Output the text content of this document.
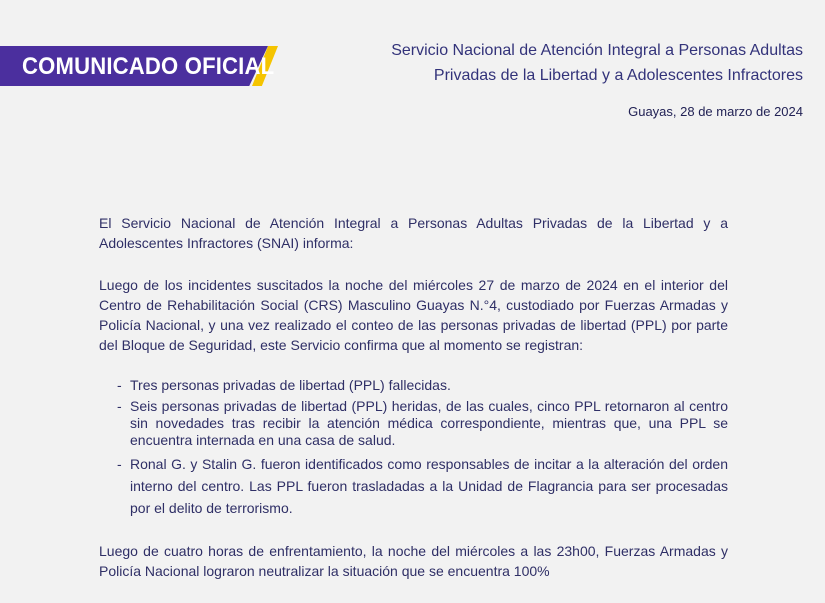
COMUNICADO OFICIAL
Servicio Nacional de Atención Integral a Personas Adultas
Privadas de la Libertad y a Adolescentes Infractores
Guayas, 28 de marzo de 2024

El Servicio Nacional de Atención Integral a Personas Adultas Privadas de la Libertad y a Adolescentes Infractores (SNAI) informa:

Luego de los incidentes suscitados la noche del miércoles 27 de marzo de 2024 en el interior del Centro de Rehabilitación Social (CRS) Masculino Guayas N.°4, custodiado por Fuerzas Armadas y Policía Nacional, y una vez realizado el conteo de las personas privadas de libertad (PPL) por parte del Bloque de Seguridad, este Servicio confirma que al momento se registran:

- Tres personas privadas de libertad (PPL) fallecidas.
- Seis personas privadas de libertad (PPL) heridas, de las cuales, cinco PPL retornaron al centro sin novedades tras recibir la atención médica correspondiente, mientras que, una PPL se encuentra internada en una casa de salud.
- Ronal G. y Stalin G. fueron identificados como responsables de incitar a la alteración del orden interno del centro. Las PPL fueron trasladadas a la Unidad de Flagrancia para ser procesadas por el delito de terrorismo.

Luego de cuatro horas de enfrentamiento, la noche del miércoles a las 23h00, Fuerzas Armadas y Policía Nacional lograron neutralizar la situación que se encuentra 100%
